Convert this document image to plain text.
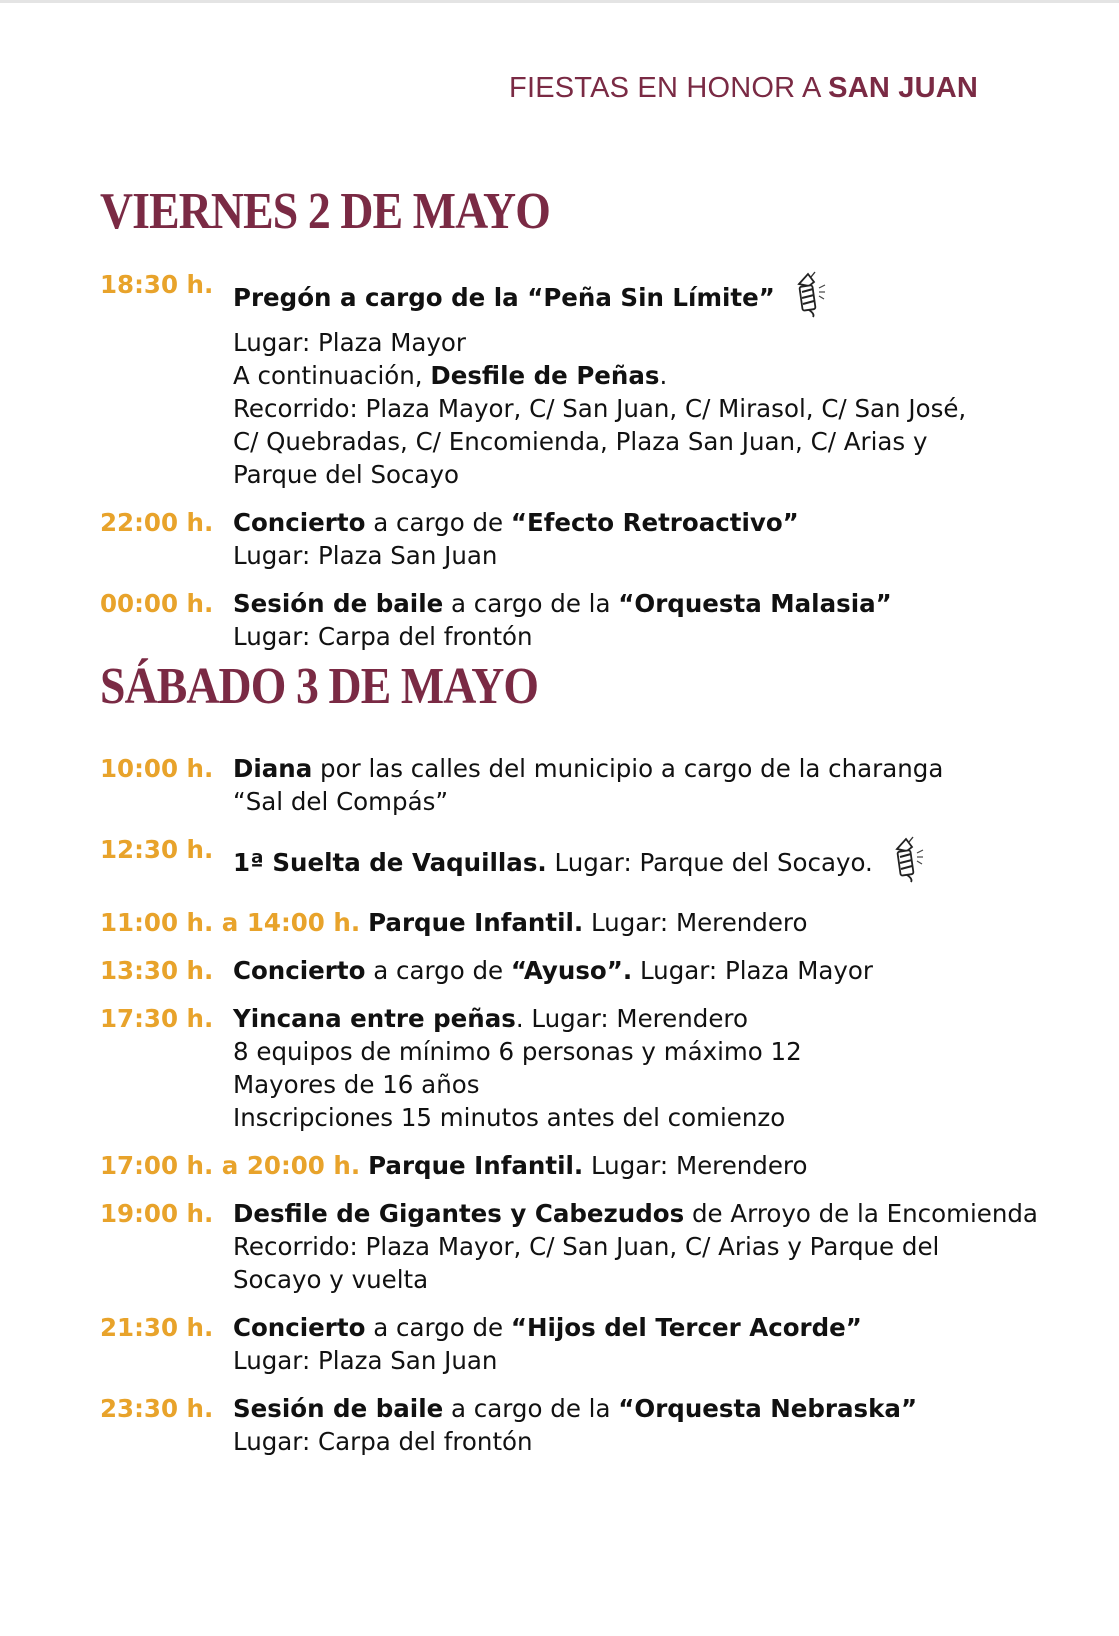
FIESTAS EN HONOR A SAN JUAN
VIERNES 2 DE MAYO
18:30 h. Pregón a cargo de la “Peña Sin Límite”
Lugar: Plaza Mayor
A continuación, Desfile de Peñas.
Recorrido: Plaza Mayor, C/ San Juan, C/ Mirasol, C/ San José,
C/ Quebradas, C/ Encomienda, Plaza San Juan, C/ Arias y
Parque del Socayo
22:00 h. Concierto a cargo de “Efecto Retroactivo”
Lugar: Plaza San Juan
00:00 h. Sesión de baile a cargo de la “Orquesta Malasia”
Lugar: Carpa del frontón
SÁBADO 3 DE MAYO
10:00 h. Diana por las calles del municipio a cargo de la charanga
“Sal del Compás”
12:30 h. 1ª Suelta de Vaquillas. Lugar: Parque del Socayo.
11:00 h. a 14:00 h. Parque Infantil. Lugar: Merendero
13:30 h. Concierto a cargo de “Ayuso”. Lugar: Plaza Mayor
17:30 h. Yincana entre peñas. Lugar: Merendero
8 equipos de mínimo 6 personas y máximo 12
Mayores de 16 años
Inscripciones 15 minutos antes del comienzo
17:00 h. a 20:00 h. Parque Infantil. Lugar: Merendero
19:00 h. Desfile de Gigantes y Cabezudos de Arroyo de la Encomienda
Recorrido: Plaza Mayor, C/ San Juan, C/ Arias y Parque del
Socayo y vuelta
21:30 h. Concierto a cargo de “Hijos del Tercer Acorde”
Lugar: Plaza San Juan
23:30 h. Sesión de baile a cargo de la “Orquesta Nebraska”
Lugar: Carpa del frontón
